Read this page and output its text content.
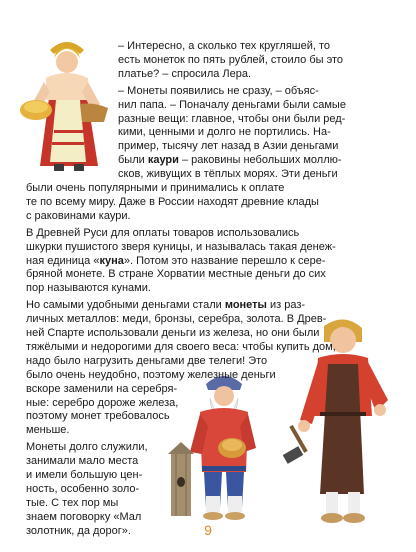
– Интересно, а сколько тех кругляшей, то
есть монеток по пять рублей, стоило бы это
платье? – спросила Лера.
– Монеты появились не сразу, – объяс-
нил папа. – Поначалу деньгами были самые
разные вещи: главное, чтобы они были ред-
кими, ценными и долго не портились. На-
пример, тысячу лет назад в Азии деньгами
были каури – раковины небольших моллю-
сков, живущих в тёплых морях. Эти деньги
были очень популярными и принимались к оплате
те по всему миру. Даже в России находят древние клады
с раковинами каури.
В Древней Руси для оплаты товаров использовались
шкурки пушистого зверя куницы, и называлась такая денеж-
ная единица «куна». Потом это название перешло к сере-
бряной монете. В стране Хорватии местные деньги до сих
пор называются кунами.
Но самыми удобными деньгами стали монеты из раз-
личных металлов: меди, бронзы, серебра, золота. В Древ-
ней Спарте использовали деньги из железа, но они были
тяжёлыми и недорогими для своего веса: чтобы купить дом,
надо было нагрузить деньгами две телеги! Это
было очень неудобно, поэтому железные деньги
вскоре заменили на серебря-
ные: серебро дороже железа,
поэтому монет требовалось
меньше.
Монеты долго служили,
занимали мало места
и имели большую цен-
ность, особенно золо-
тые. С тех пор мы
знаем поговорку «Мал
золотник, да дорог».	9
